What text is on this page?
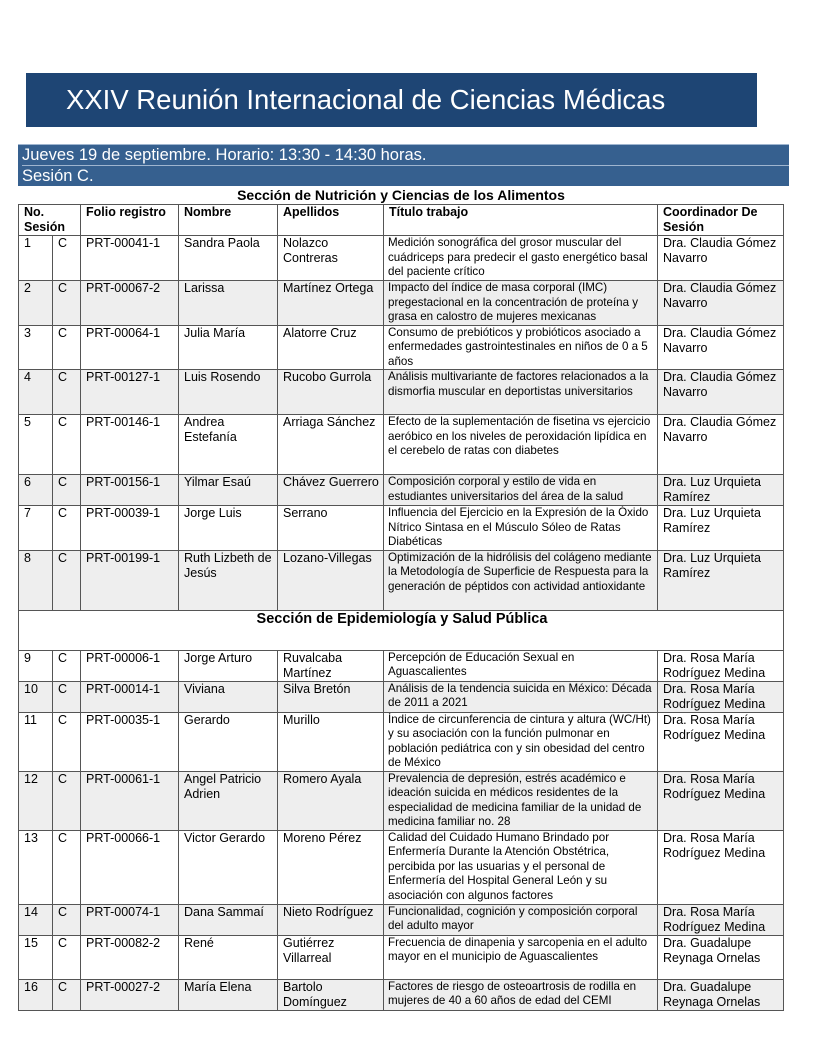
XXIV Reunión Internacional de Ciencias Médicas
Jueves 19 de septiembre. Horario: 13:30 - 14:30 horas.
Sesión C.
Sección de Nutrición y Ciencias de los Alimentos						
No. Sesión		Folio registro	Nombre	Apellidos	Título trabajo	Coordinador De Sesión
1	C	PRT-00041-1	Sandra Paola	Nolazco Contreras	Medición sonográfica del grosor muscular del cuádriceps para predecir el gasto energético basal del paciente crítico	Dra. Claudia Gómez Navarro
2	C	PRT-00067-2	Larissa	Martínez Ortega	Impacto del índice de masa corporal (IMC) pregestacional en la concentración de proteína y grasa en calostro de mujeres mexicanas	Dra. Claudia Gómez Navarro
3	C	PRT-00064-1	Julia María	Alatorre Cruz	Consumo de prebióticos y probióticos asociado a enfermedades gastrointestinales en niños de 0 a 5 años	Dra. Claudia Gómez Navarro
4	C	PRT-00127-1	Luis Rosendo	Rucobo Gurrola	Análisis multivariante de factores relacionados a la dismorfia muscular en deportistas universitarios	Dra. Claudia Gómez Navarro
5	C	PRT-00146-1	Andrea Estefanía	Arriaga Sánchez	Efecto de la suplementación de fisetina vs ejercicio aeróbico en los niveles de peroxidación lipídica en el cerebelo de ratas con diabetes	Dra. Claudia Gómez Navarro
6	C	PRT-00156-1	Yilmar Esaú	Chávez Guerrero	Composición corporal y estilo de vida en estudiantes universitarios del área de la salud	Dra. Luz Urquieta Ramírez
7	C	PRT-00039-1	Jorge Luis	Serrano	Influencia del Ejercicio en la Expresión de la Óxido Nítrico Sintasa en el Músculo Sóleo de Ratas Diabéticas	Dra. Luz Urquieta Ramírez
8	C	PRT-00199-1	Ruth Lizbeth de Jesús	Lozano-Villegas	Optimización de la hidrólisis del colágeno mediante la Metodología de Superficie de Respuesta para la generación de péptidos con actividad antioxidante	Dra. Luz Urquieta Ramírez
Sección de Epidemiología y Salud Pública						
9	C	PRT-00006-1	Jorge Arturo	Ruvalcaba Martínez	Percepción de Educación Sexual en Aguascalientes	Dra. Rosa María Rodríguez Medina
10	C	PRT-00014-1	Viviana	Silva Bretón	Análisis de la tendencia suicida en México: Década de 2011 a 2021	Dra. Rosa María Rodríguez Medina
11	C	PRT-00035-1	Gerardo	Murillo	Índice de circunferencia de cintura y altura (WC/Ht) y su asociación con la función pulmonar en población pediátrica con y sin obesidad del centro de México	Dra. Rosa María Rodríguez Medina
12	C	PRT-00061-1	Angel Patricio Adrien	Romero Ayala	Prevalencia de depresión, estrés académico e ideación suicida en médicos residentes de la especialidad de medicina familiar de la unidad de medicina familiar no. 28	Dra. Rosa María Rodríguez Medina
13	C	PRT-00066-1	Victor Gerardo	Moreno Pérez	Calidad del Cuidado Humano Brindado por Enfermería Durante la Atención Obstétrica, percibida por las usuarias y el personal de Enfermería del Hospital General León y su asociación con algunos factores	Dra. Rosa María Rodríguez Medina
14	C	PRT-00074-1	Dana Sammaí	Nieto Rodríguez	Funcionalidad, cognición y composición corporal del adulto mayor	Dra. Rosa María Rodríguez Medina
15	C	PRT-00082-2	René	Gutiérrez Villarreal	Frecuencia de dinapenia y sarcopenia en el adulto mayor en el municipio de Aguascalientes	Dra. Guadalupe Reynaga Ornelas
16	C	PRT-00027-2	María Elena	Bartolo Domínguez	Factores de riesgo de osteoartrosis de rodilla en mujeres de 40 a 60 años de edad del CEMI	Dra. Guadalupe Reynaga Ornelas
